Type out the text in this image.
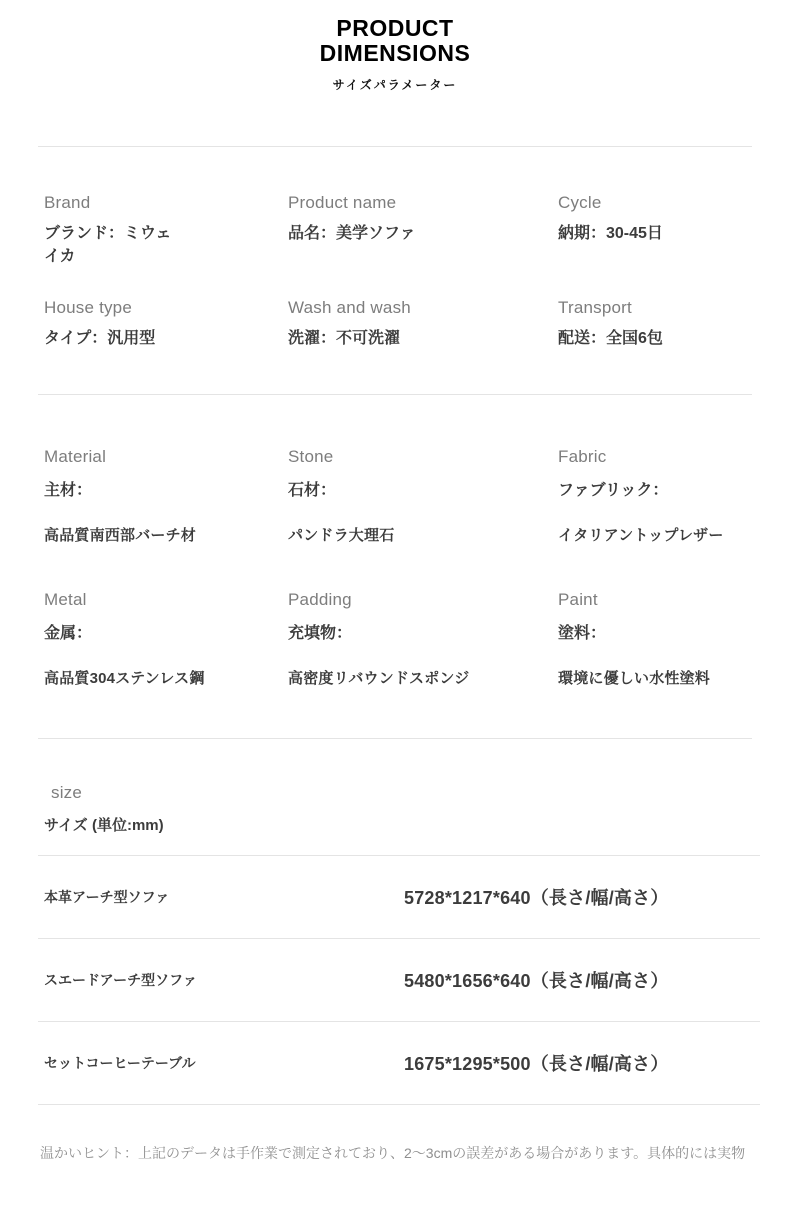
PRODUCT
DIMENSIONS
サイズパラメーター
Brand
ブランド：ミウェイカ
Product name
品名：美学ソファ
Cycle
納期：30-45日
House type
タイプ：汎用型
Wash and wash
洗濯：不可洗濯
Transport
配送：全国6包
Material
主材：
高品質南西部バーチ材
Stone
石材：
パンドラ大理石
Fabric
ファブリック：
イタリアントップレザー
Metal
金属：
高品質304ステンレス鋼
Padding
充填物：
高密度リバウンドスポンジ
Paint
塗料：
環境に優しい水性塗料
size
サイズ (単位:mm)
本革アーチ型ソファ	5728*1217*640（長さ/幅/高さ）
スエードアーチ型ソファ	5480*1656*640（長さ/幅/高さ）
セットコーヒーテーブル	1675*1295*500（長さ/幅/高さ）

温かいヒント：上記のデータは手作業で測定されており、2〜3cmの誤差がある場合があります。具体的には実物
